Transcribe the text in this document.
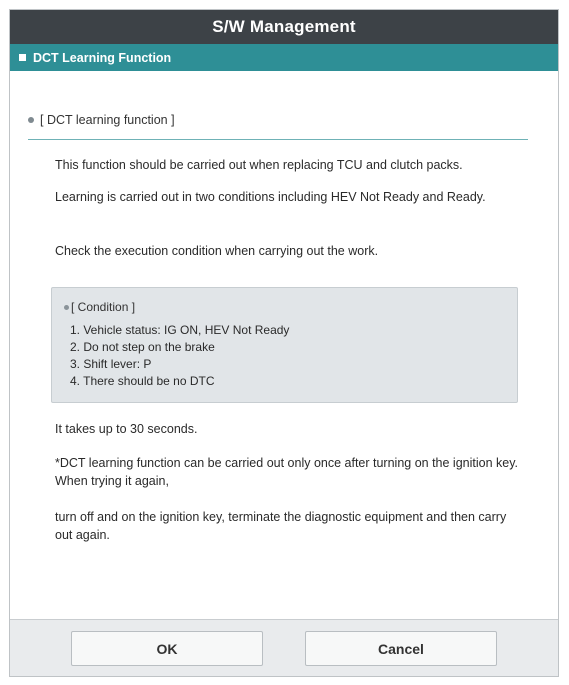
S/W Management
DCT Learning Function
[ DCT learning function ]
This function should be carried out when replacing TCU and clutch packs.
Learning is carried out in two conditions including HEV Not Ready and Ready.
Check the execution condition when carrying out the work.
[ Condition ]
1. Vehicle status: IG ON, HEV Not Ready
2. Do not step on the brake
3. Shift lever: P
4. There should be no DTC
It takes up to 30 seconds.
*DCT learning function can be carried out only once after turning on the ignition key. When trying it again,
turn off and on the ignition key, terminate the diagnostic equipment and then carry out again.
OK	Cancel
